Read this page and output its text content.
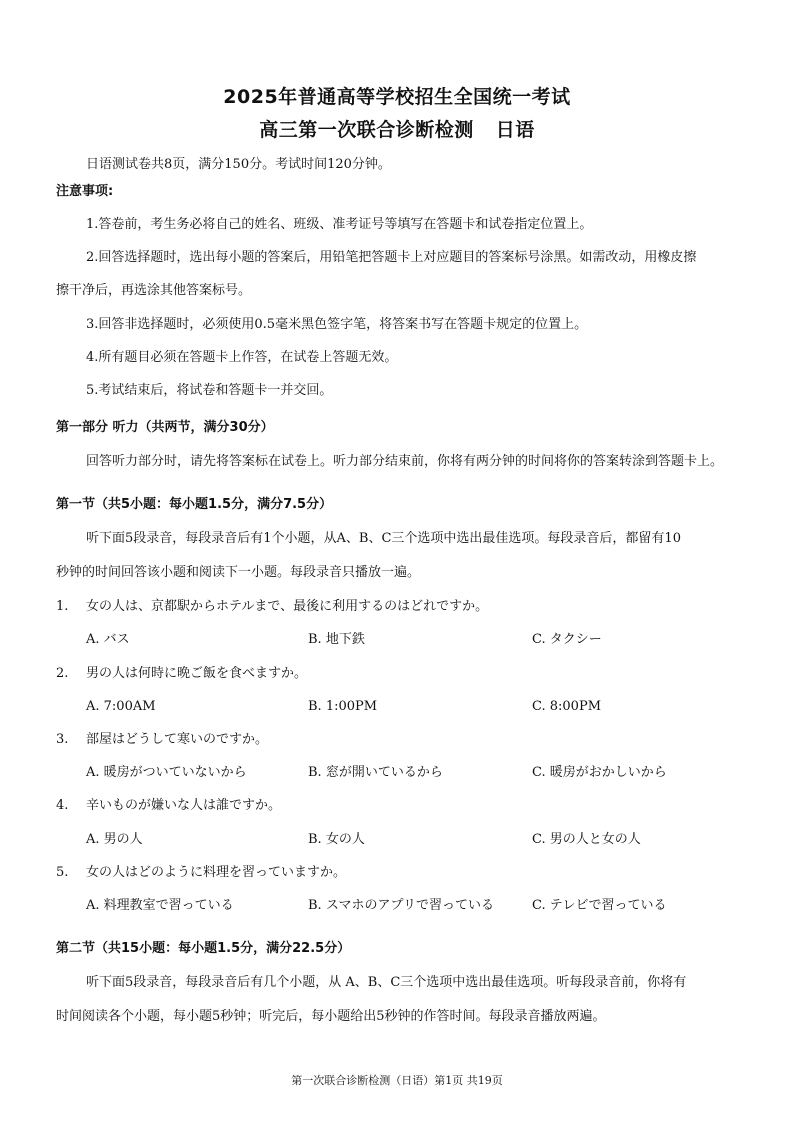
2025年普通高等学校招生全国统一考试
高三第一次联合诊断检测 日语
日语测试卷共8页，满分150分。考试时间120分钟。
注意事项:
1.答卷前，考生务必将自己的姓名、班级、准考证号等填写在答题卡和试卷指定位置上。
2.回答选择题时，选出每小题的答案后，用铅笔把答题卡上对应题目的答案标号涂黑。如需改动，用橡皮擦
擦干净后，再选涂其他答案标号。
3.回答非选择题时，必须使用0.5毫米黑色签字笔，将答案书写在答题卡规定的位置上。
4.所有题目必须在答题卡上作答，在试卷上答题无效。
5.考试结束后，将试卷和答题卡一并交回。
第一部分 听力（共两节，满分30分）
回答听力部分时，请先将答案标在试卷上。听力部分结束前，你将有两分钟的时间将你的答案转涂到答题卡上。
第一节（共5小题：每小题1.5分，满分7.5分）
听下面5段录音，每段录音后有1个小题，从A、B、C三个选项中选出最佳选项。每段录音后，都留有10
秒钟的时间回答该小题和阅读下一小题。每段录音只播放一遍。
1. 女の人は、京都駅からホテルまで、最後に利用するのはどれですか。
A. バス	B. 地下鉄	C. タクシー
2. 男の人は何時に晩ご飯を食べますか。
A. 7:00AM	B. 1:00PM	C. 8:00PM
3. 部屋はどうして寒いのですか。
A. 暖房がついていないから	B. 窓が開いているから	C. 暖房がおかしいから
4. 辛いものが嫌いな人は誰ですか。
A. 男の人	B. 女の人	C. 男の人と女の人
5. 女の人はどのように料理を習っていますか。
A. 料理教室で習っている	B. スマホのアプリで習っている	C. テレビで習っている
第二节（共15小题：每小题1.5分，满分22.5分）
听下面5段录音，每段录音后有几个小题，从 A、B、C三个选项中选出最佳选项。听每段录音前，你将有
时间阅读各个小题，每小题5秒钟；听完后，每小题给出5秒钟的作答时间。每段录音播放两遍。
第一次联合诊断检测（日语）第1页 共19页
